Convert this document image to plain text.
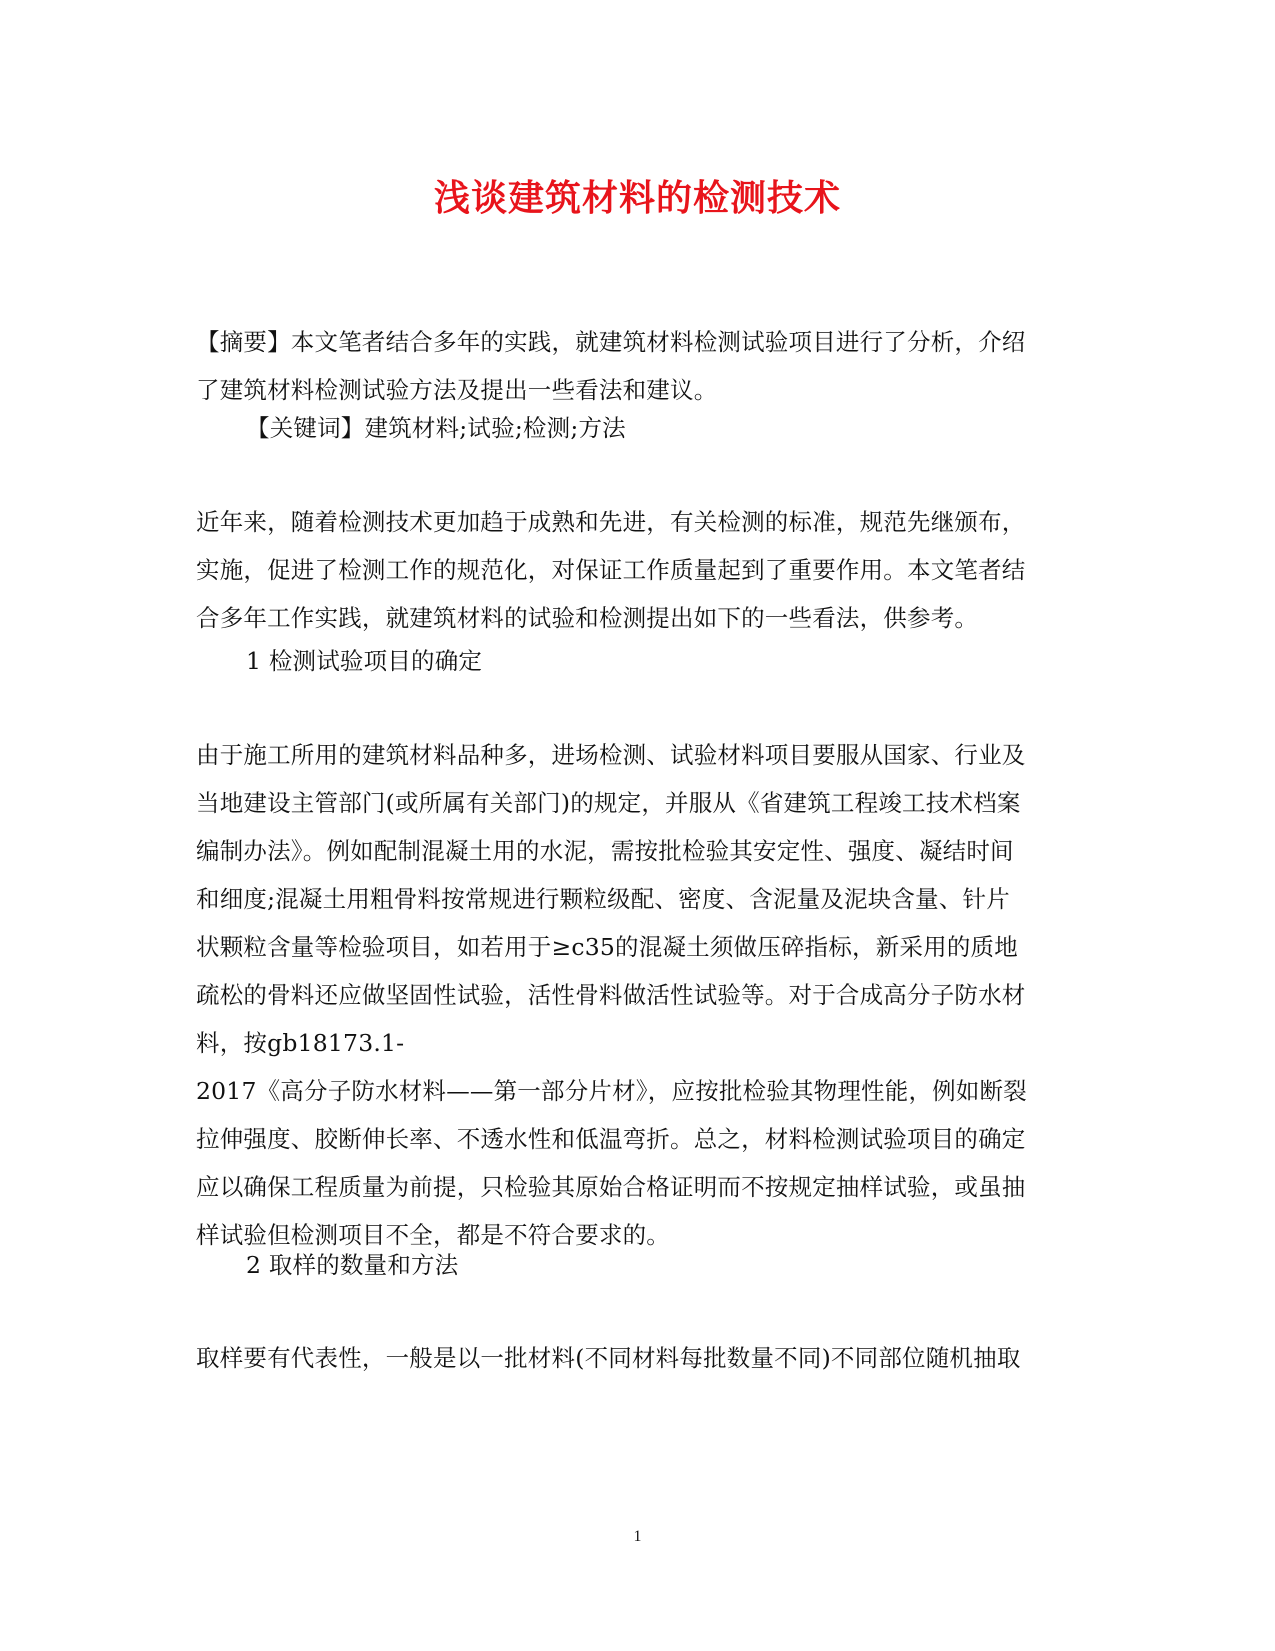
浅谈建筑材料的检测技术
【摘要】本文笔者结合多年的实践，就建筑材料检测试验项目进行了分析，介绍
了建筑材料检测试验方法及提出一些看法和建议。
【关键词】建筑材料;试验;检测;方法
近年来，随着检测技术更加趋于成熟和先进，有关检测的标准，规范先继颁布，
实施，促进了检测工作的规范化，对保证工作质量起到了重要作用。本文笔者结
合多年工作实践，就建筑材料的试验和检测提出如下的一些看法，供参考。
1 检测试验项目的确定
由于施工所用的建筑材料品种多，进场检测、试验材料项目要服从国家、行业及
当地建设主管部门(或所属有关部门)的规定，并服从《省建筑工程竣工技术档案
编制办法》。例如配制混凝土用的水泥，需按批检验其安定性、强度、凝结时间
和细度;混凝土用粗骨料按常规进行颗粒级配、密度、含泥量及泥块含量、针片
状颗粒含量等检验项目，如若用于≥c35的混凝土须做压碎指标，新采用的质地
疏松的骨料还应做坚固性试验，活性骨料做活性试验等。对于合成高分子防水材
料，按gb18173.1-
2017《高分子防水材料——第一部分片材》，应按批检验其物理性能，例如断裂
拉伸强度、胶断伸长率、不透水性和低温弯折。总之，材料检测试验项目的确定
应以确保工程质量为前提，只检验其原始合格证明而不按规定抽样试验，或虽抽
样试验但检测项目不全，都是不符合要求的。
2 取样的数量和方法
取样要有代表性，一般是以一批材料(不同材料每批数量不同)不同部位随机抽取
1
